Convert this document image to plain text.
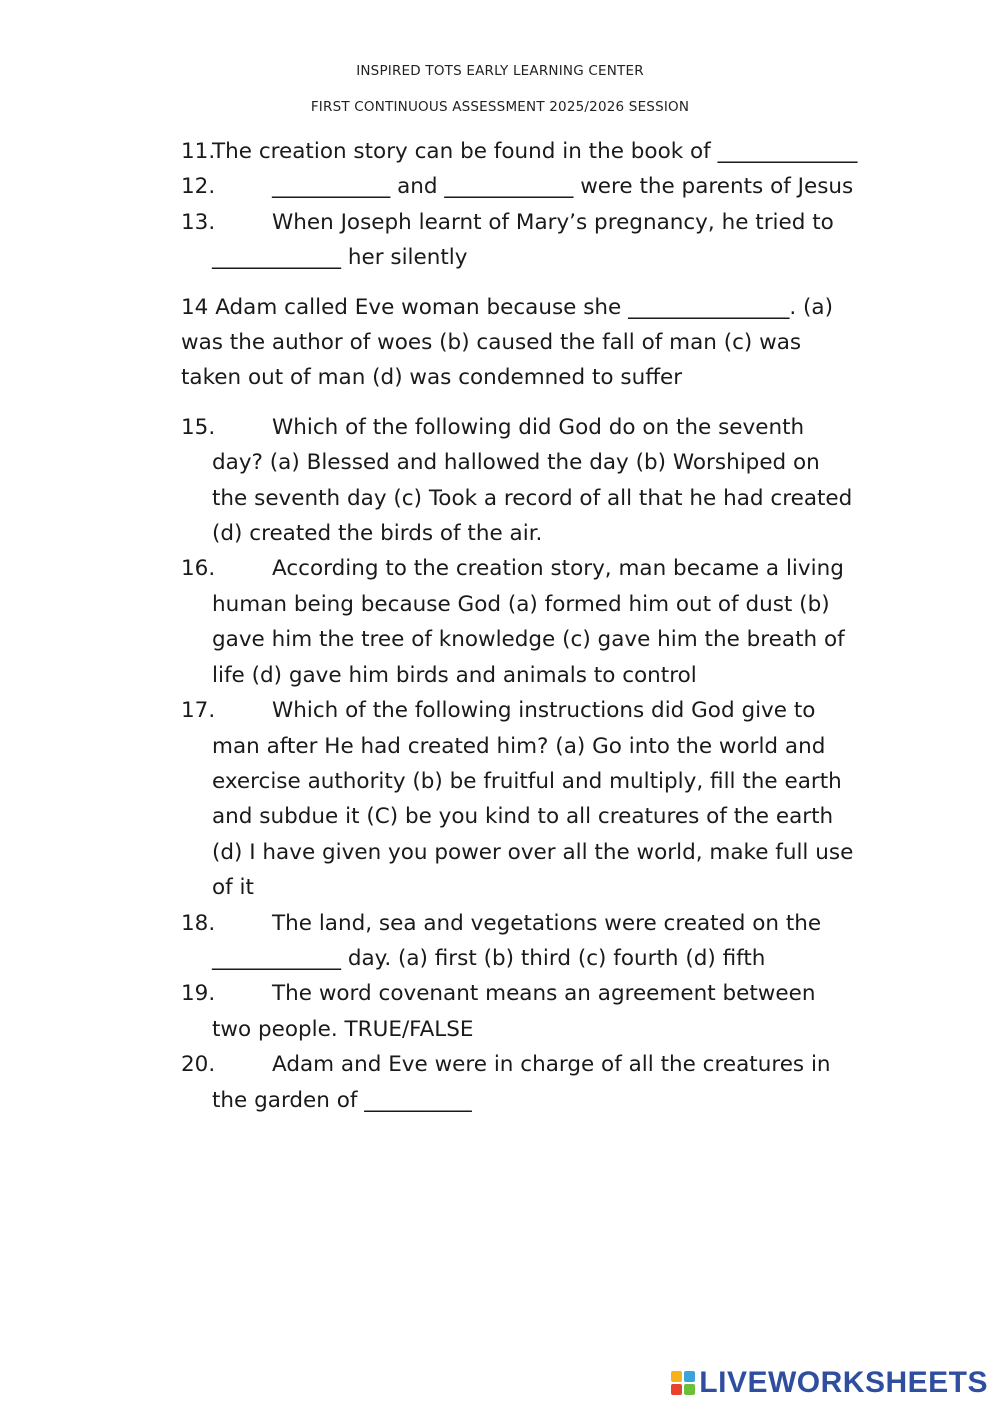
INSPIRED TOTS EARLY LEARNING CENTER
FIRST CONTINUOUS ASSESSMENT 2025/2026 SESSION
11.
The creation story can be found in the book of _____________
12.	___________ and ____________ were the parents of Jesus
13.	When Joseph learnt of Mary’s pregnancy, he tried to ____________ her silently
14 Adam called Eve woman because she _______________. (a) was the author of woes (b) caused the fall of man (c) was taken out of man (d) was condemned to suffer
15.	Which of the following did God do on the seventh day? (a) Blessed and hallowed the day (b) Worshiped on the seventh day (c) Took a record of all that he had created (d) created the birds of the air.
16.	According to the creation story, man became a living human being because God (a) formed him out of dust (b) gave him the tree of knowledge (c) gave him the breath of life (d) gave him birds and animals to control
17.	Which of the following instructions did God give to man after He had created him? (a) Go into the world and exercise authority (b) be fruitful and multiply, fill the earth and subdue it (C) be you kind to all creatures of the earth (d) I have given you power over all the world, make full use of it
18.	The land, sea and vegetations were created on the ____________ day. (a) first (b) third (c) fourth (d) fifth
19.	The word covenant means an agreement between two people. TRUE/FALSE
20.	Adam and Eve were in charge of all the creatures in the garden of __________
LIVEWORKSHEETS
